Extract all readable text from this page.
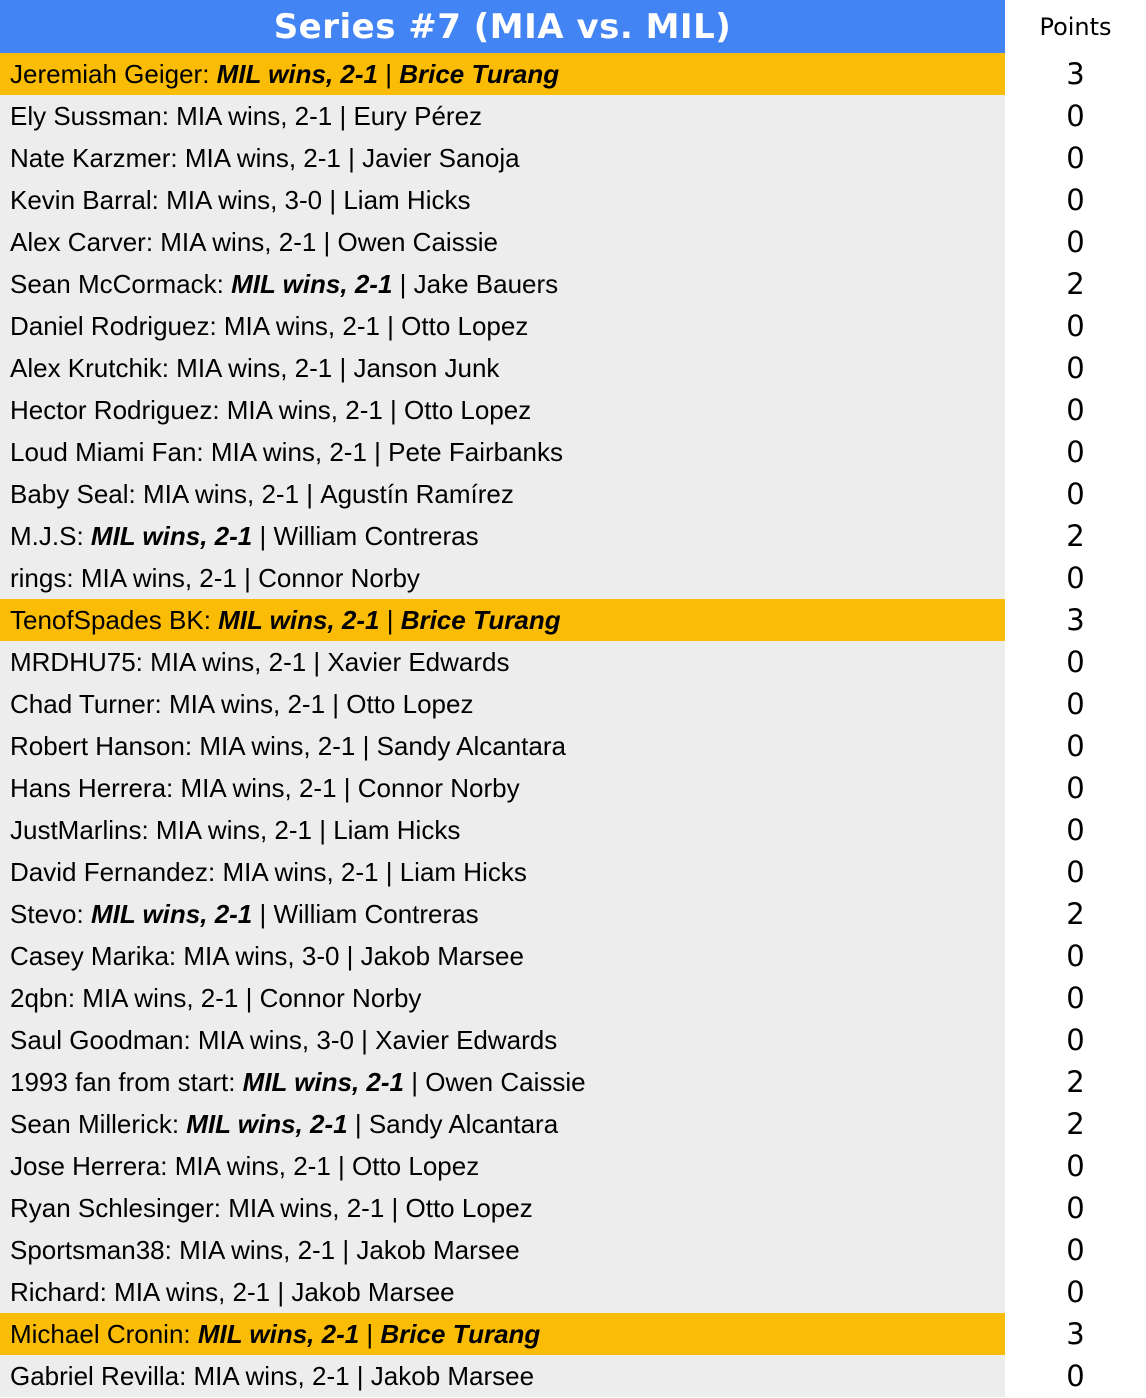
Series #7 (MIA vs. MIL)	Points
Jeremiah Geiger: MIL wins, 2-1 | Brice Turang	3
Ely Sussman: MIA wins, 2-1 | Eury Pérez	0
Nate Karzmer: MIA wins, 2-1 | Javier Sanoja	0
Kevin Barral: MIA wins, 3-0 | Liam Hicks	0
Alex Carver: MIA wins, 2-1 | Owen Caissie	0
Sean McCormack: MIL wins, 2-1 | Jake Bauers	2
Daniel Rodriguez: MIA wins, 2-1 | Otto Lopez	0
Alex Krutchik: MIA wins, 2-1 | Janson Junk	0
Hector Rodriguez: MIA wins, 2-1 | Otto Lopez	0
Loud Miami Fan: MIA wins, 2-1 | Pete Fairbanks	0
Baby Seal: MIA wins, 2-1 | Agustín Ramírez	0
M.J.S: MIL wins, 2-1 | William Contreras	2
rings: MIA wins, 2-1 | Connor Norby	0
TenofSpades BK: MIL wins, 2-1 | Brice Turang	3
MRDHU75: MIA wins, 2-1 | Xavier Edwards	0
Chad Turner: MIA wins, 2-1 | Otto Lopez	0
Robert Hanson: MIA wins, 2-1 | Sandy Alcantara	0
Hans Herrera: MIA wins, 2-1 | Connor Norby	0
JustMarlins: MIA wins, 2-1 | Liam Hicks	0
David Fernandez: MIA wins, 2-1 | Liam Hicks	0
Stevo: MIL wins, 2-1 | William Contreras	2
Casey Marika: MIA wins, 3-0 | Jakob Marsee	0
2qbn: MIA wins, 2-1 | Connor Norby	0
Saul Goodman: MIA wins, 3-0 | Xavier Edwards	0
1993 fan from start: MIL wins, 2-1 | Owen Caissie	2
Sean Millerick: MIL wins, 2-1 | Sandy Alcantara	2
Jose Herrera: MIA wins, 2-1 | Otto Lopez	0
Ryan Schlesinger: MIA wins, 2-1 | Otto Lopez	0
Sportsman38: MIA wins, 2-1 | Jakob Marsee	0
Richard: MIA wins, 2-1 | Jakob Marsee	0
Michael Cronin: MIL wins, 2-1 | Brice Turang	3
Gabriel Revilla: MIA wins, 2-1 | Jakob Marsee	0
